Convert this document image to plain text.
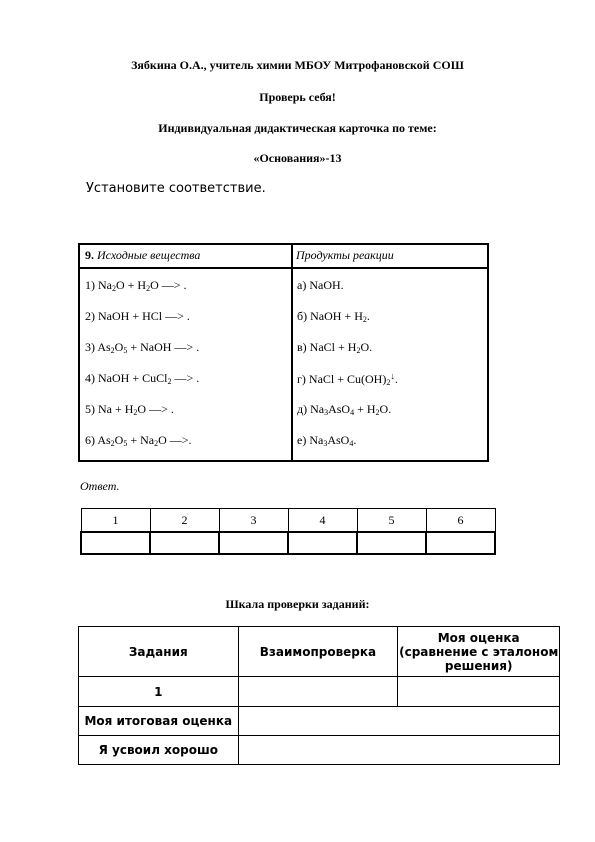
Зябкина О.А., учитель химии МБОУ Митрофановской СОШ
Проверь себя!
Индивидуальная дидактическая карточка по теме:
«Основания»-13
Установите соответствие.
9. Исходные вещества	Продукты реакции
1) $Na_2O + H_2O$ —> .
2) NaOH + HCl —> .
3) $As_2O_5$ + NaOH —> .
4) NaOH + CuCl$_2$ —> .
5) $Na + H_2O$ —> .
6) $As_2O_5 + Na_2O$ —>.
а) NaOH.
б) NaOH + $H_2$.
в) NaCl + $H_2O$.
г) NaCl + $Cu(OH)_2^↓$.
д) $Na_3AsO_4 + H_2O$.
е) $Na_3AsO_4$.
Ответ.
1	2	3	4	5	6

Шкала проверки заданий:
Задания	Взаимопроверка	Моя оценка (сравнение с эталоном решения)
1		
Моя итоговая оценка		
Я усвоил хорошо		
